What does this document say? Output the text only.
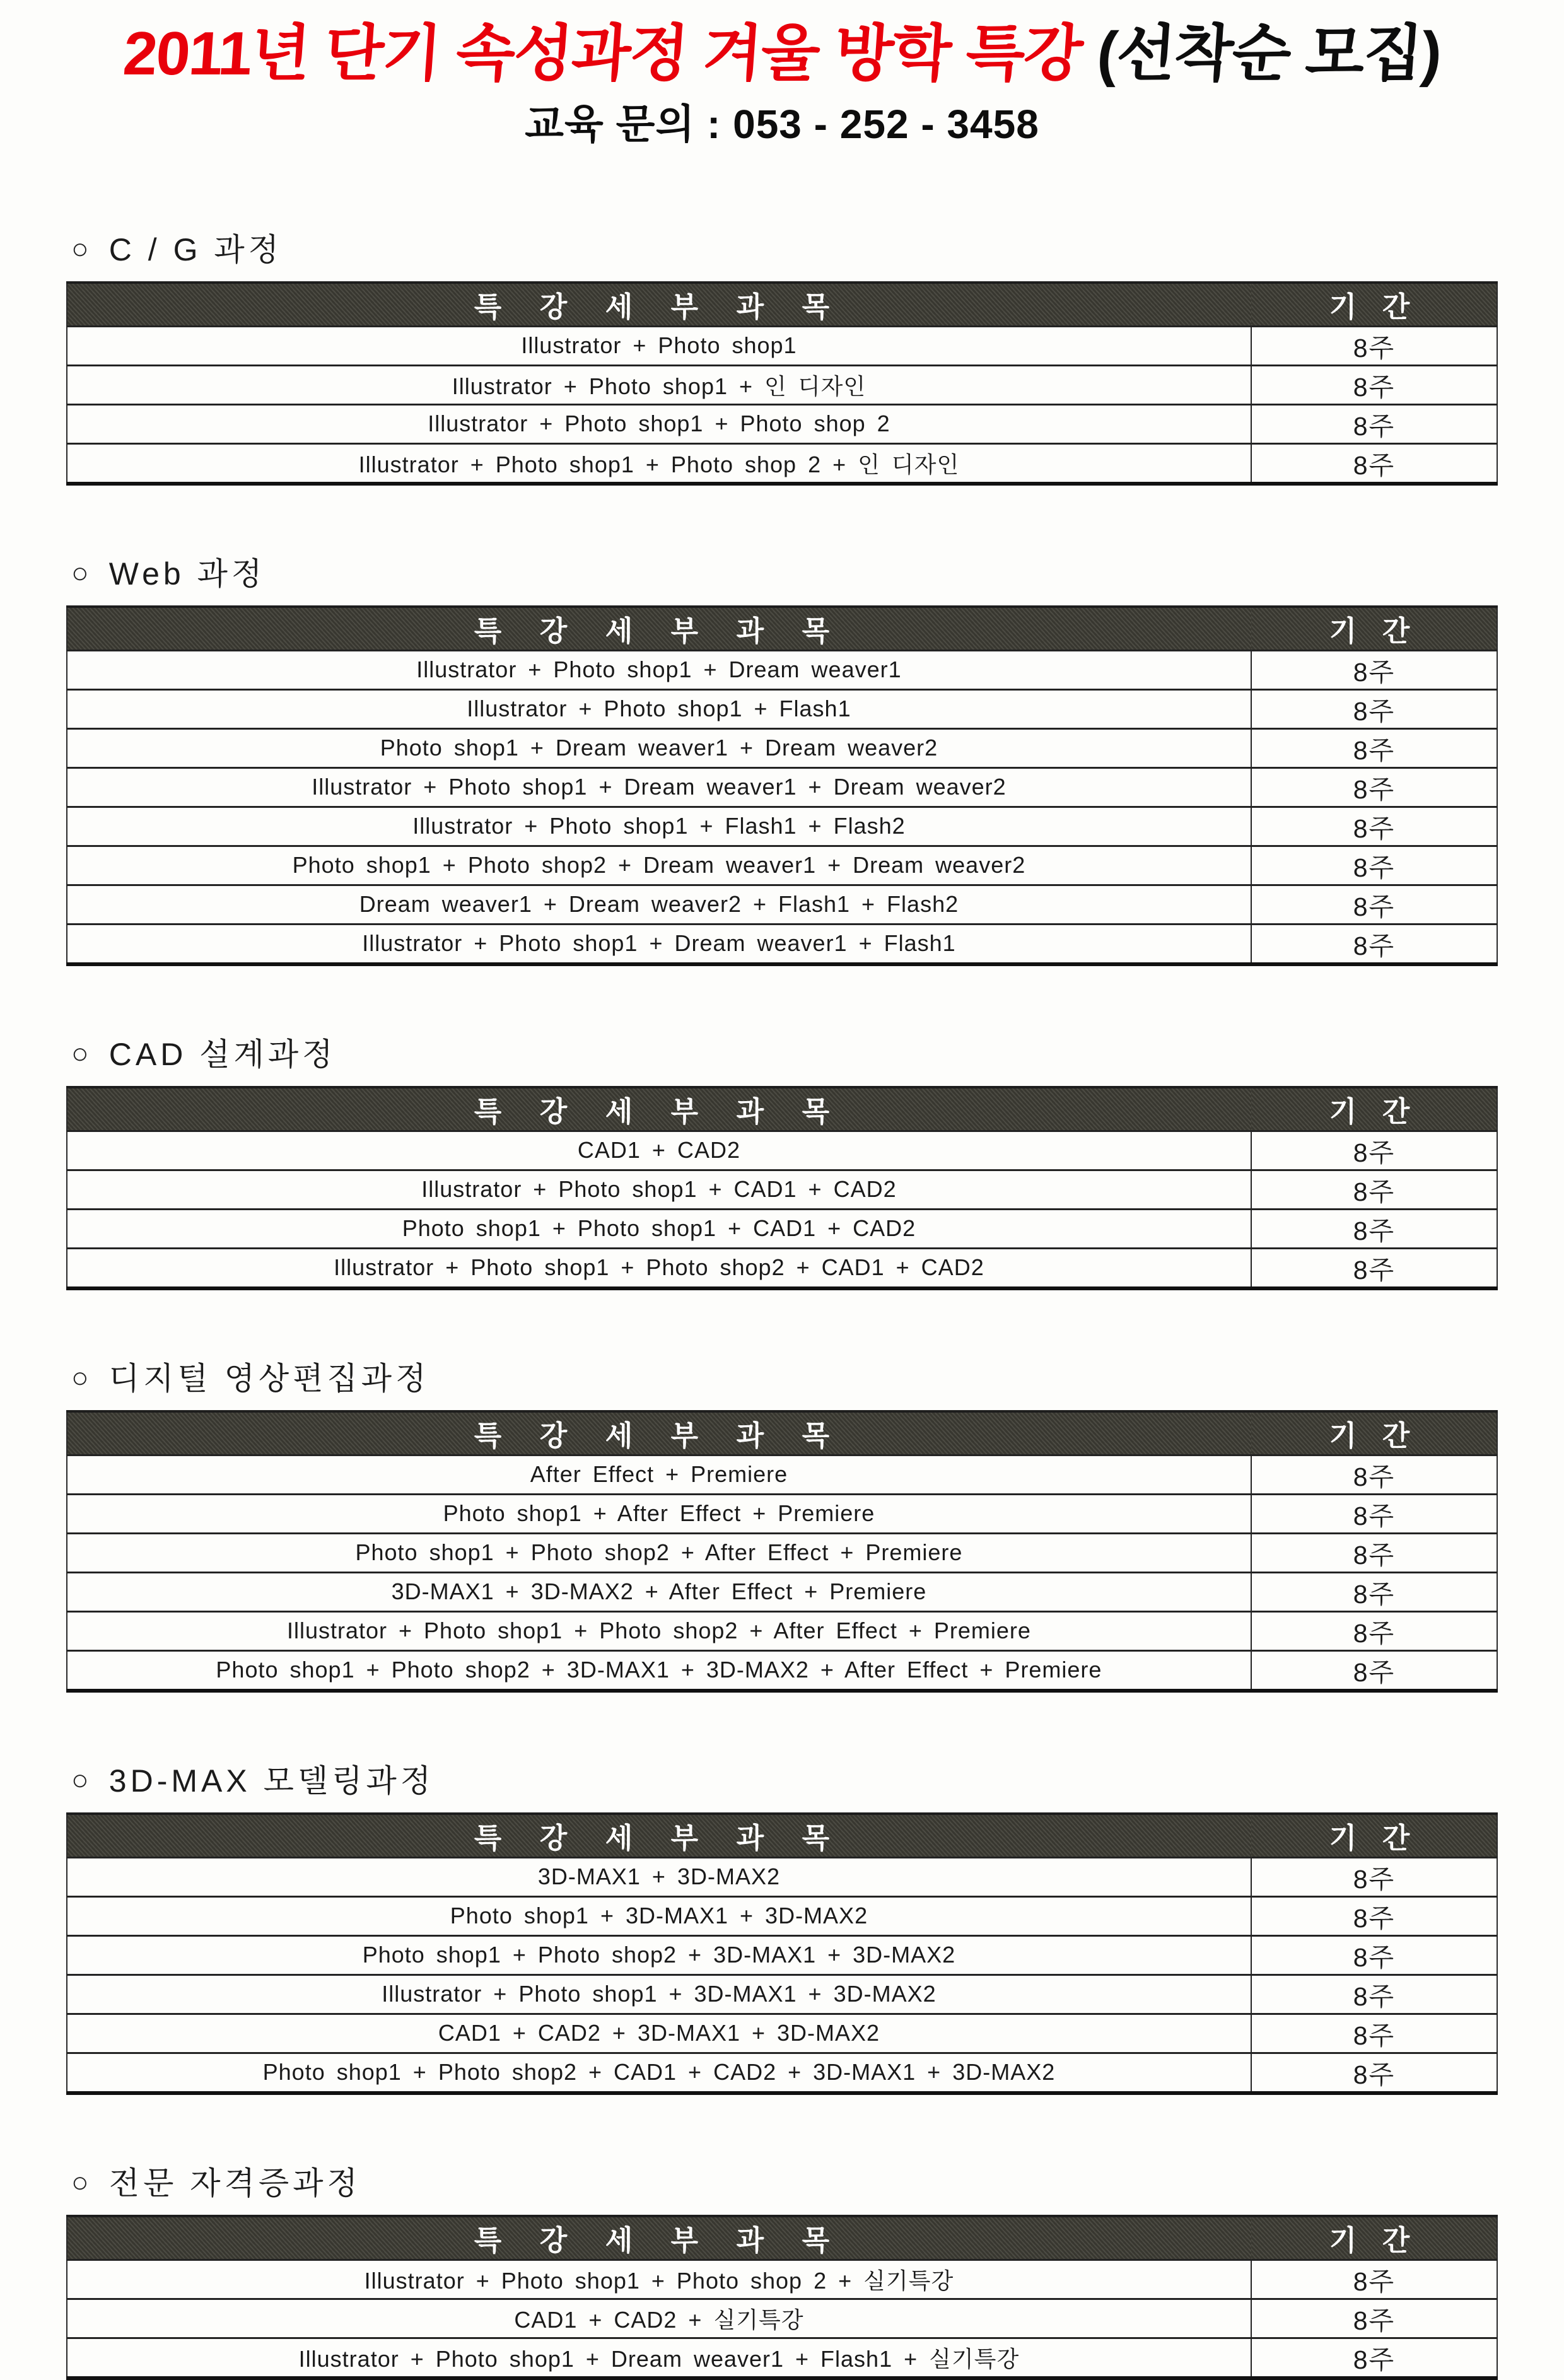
2011년 단기 속성과정 겨울 방학 특강 (선착순 모집)
교육 문의 : 053 - 252 - 3458
○ C / G 과정
특 강 세 부 과 목	기 간
Illustrator + Photo shop1	8주
Illustrator + Photo shop1 + 인 디자인	8주
Illustrator + Photo shop1 + Photo shop 2	8주
Illustrator + Photo shop1 + Photo shop 2 + 인 디자인	8주
○ Web 과정
특 강 세 부 과 목	기 간
Illustrator + Photo shop1 + Dream weaver1	8주
Illustrator + Photo shop1 + Flash1	8주
Photo shop1 + Dream weaver1 + Dream weaver2	8주
Illustrator + Photo shop1 + Dream weaver1 + Dream weaver2	8주
Illustrator + Photo shop1 + Flash1 + Flash2	8주
Photo shop1 + Photo shop2 + Dream weaver1 + Dream weaver2	8주
Dream weaver1 + Dream weaver2 + Flash1 + Flash2	8주
Illustrator + Photo shop1 + Dream weaver1 + Flash1	8주
○ CAD 설계과정
특 강 세 부 과 목	기 간
CAD1 + CAD2	8주
Illustrator + Photo shop1 + CAD1 + CAD2	8주
Photo shop1 + Photo shop1 + CAD1 + CAD2	8주
Illustrator + Photo shop1 + Photo shop2 + CAD1 + CAD2	8주
○ 디지털 영상편집과정
특 강 세 부 과 목	기 간
After Effect + Premiere	8주
Photo shop1 + After Effect + Premiere	8주
Photo shop1 + Photo shop2 + After Effect + Premiere	8주
3D-MAX1 + 3D-MAX2 + After Effect + Premiere	8주
Illustrator + Photo shop1 + Photo shop2 + After Effect + Premiere	8주
Photo shop1 + Photo shop2 + 3D-MAX1 + 3D-MAX2 + After Effect + Premiere	8주
○ 3D-MAX 모델링과정
특 강 세 부 과 목	기 간
3D-MAX1 + 3D-MAX2	8주
Photo shop1 + 3D-MAX1 + 3D-MAX2	8주
Photo shop1 + Photo shop2 + 3D-MAX1 + 3D-MAX2	8주
Illustrator + Photo shop1 + 3D-MAX1 + 3D-MAX2	8주
CAD1 + CAD2 + 3D-MAX1 + 3D-MAX2	8주
Photo shop1 + Photo shop2 + CAD1 + CAD2 + 3D-MAX1 + 3D-MAX2	8주
○ 전문 자격증과정
특 강 세 부 과 목	기 간
Illustrator + Photo shop1 + Photo shop 2 + 실기특강	8주
CAD1 + CAD2 + 실기특강	8주
Illustrator + Photo shop1 + Dream weaver1 + Flash1 + 실기특강	8주
